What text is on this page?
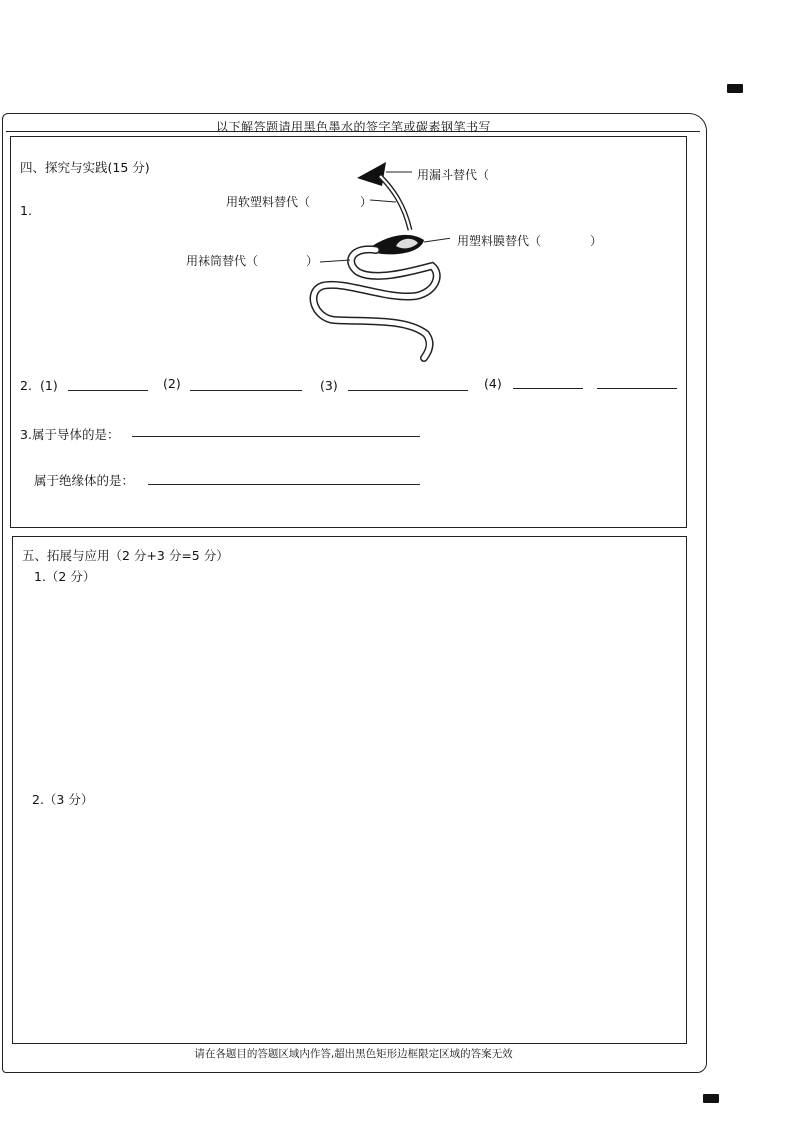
以下解答题请用黑色墨水的签字笔或碳素钢笔书写
四、探究与实践(15 分)
1.
用漏斗替代（
用软塑料替代（	）
用塑料膜替代（	）
用袜筒替代（	）
2. (1)	(2)	(3)	(4)
3.属于导体的是：
属于绝缘体的是：
五、拓展与应用（2 分+3 分=5 分）
1.（2 分）
2.（3 分）
请在各题目的答题区域内作答,超出黑色矩形边框限定区域的答案无效
